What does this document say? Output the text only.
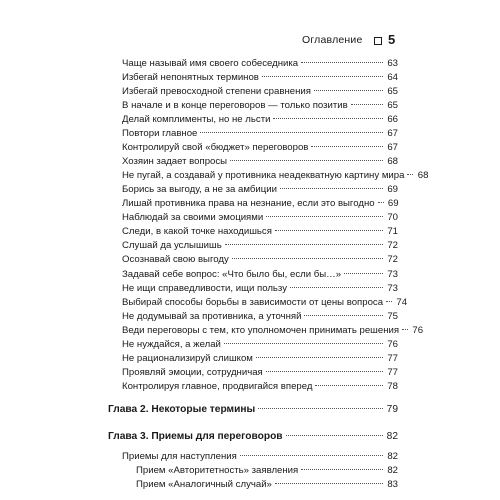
Оглавление 5
Чаще называй имя своего собеседника	63
Избегай непонятных терминов	64
Избегай превосходной степени сравнения	65
В начале и в конце переговоров — только позитив	65
Делай комплименты, но не льсти	66
Повтори главное	67
Контролируй свой «бюджет» переговоров	67
Хозяин задает вопросы	68
Не пугай, а создавай у противника неадекватную картину мира 68
Борись за выгоду, а не за амбиции	69
Лишай противника права на незнание, если это выгодно 69
Наблюдай за своими эмоциями	70
Следи, в какой точке находишься	71
Слушай да услышишь	72
Осознавай свою выгоду	72
Задавай себе вопрос: «Что было бы, если бы…»	73
Не ищи справедливости, ищи пользу	73
Выбирай способы борьбы в зависимости от цены вопроса 74
Не додумывай за противника, а уточняй	75
Веди переговоры с тем, кто уполномочен принимать решения 76
Не нуждайся, а желай	76
Не рационализируй слишком	77
Проявляй эмоции, сотрудничая	77
Контролируя главное, продвигайся вперед	78
Глава 2. Некоторые термины	79
Глава 3. Приемы для переговоров	82
Приемы для наступления	82
Прием «Авторитетность» заявления	82
Прием «Аналогичный случай»	83
